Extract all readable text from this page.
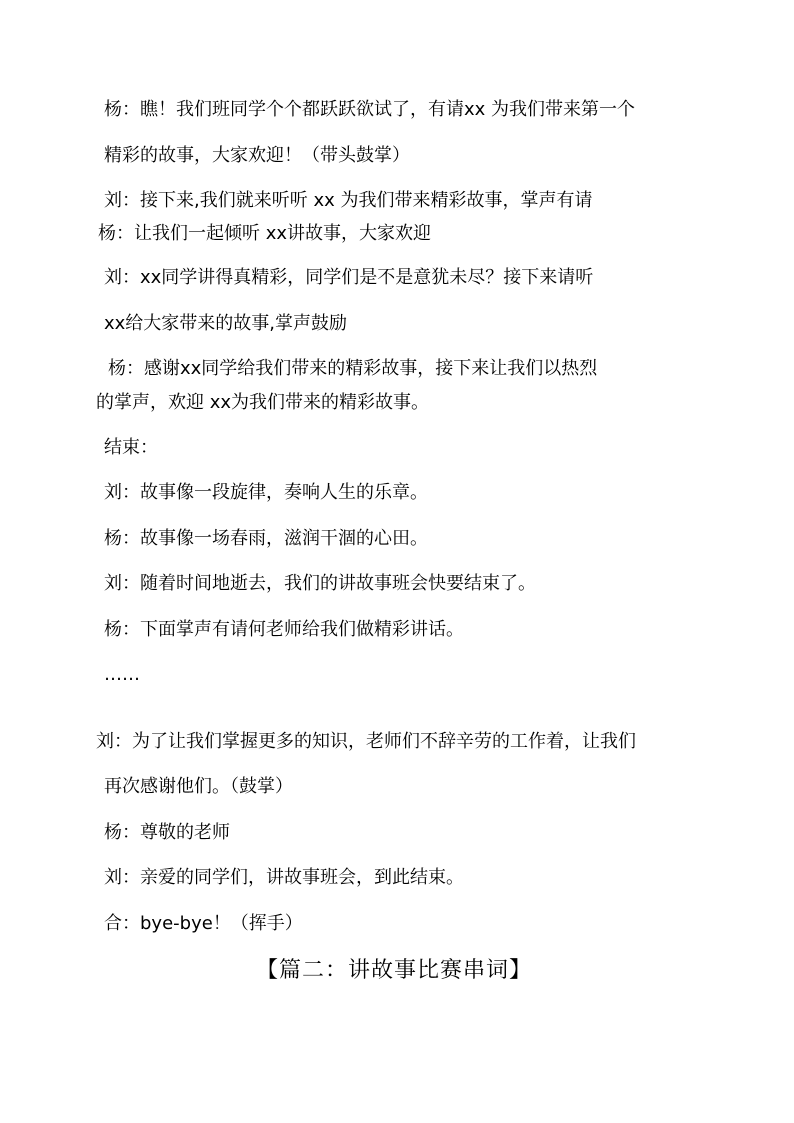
杨：瞧！我们班同学个个都跃跃欲试了，有请xx 为我们带来第一个
精彩的故事，大家欢迎！（带头鼓掌）
刘：接下来,我们就来听听 xx 为我们带来精彩故事，掌声有请
杨：让我们一起倾听 xx讲故事，大家欢迎
刘：xx同学讲得真精彩，同学们是不是意犹未尽？接下来请听
xx给大家带来的故事,掌声鼓励
杨：感谢xx同学给我们带来的精彩故事，接下来让我们以热烈
的掌声，欢迎 xx为我们带来的精彩故事。
结束：
刘：故事像一段旋律，奏响人生的乐章。
杨：故事像一场春雨，滋润干涸的心田。
刘：随着时间地逝去，我们的讲故事班会快要结束了。
杨：下面掌声有请何老师给我们做精彩讲话。
……
刘：为了让我们掌握更多的知识，老师们不辞辛劳的工作着，让我们
再次感谢他们。（鼓掌）
杨：尊敬的老师
刘：亲爱的同学们，讲故事班会，到此结束。
合：bye-bye！（挥手）
【篇二：讲故事比赛串词】
